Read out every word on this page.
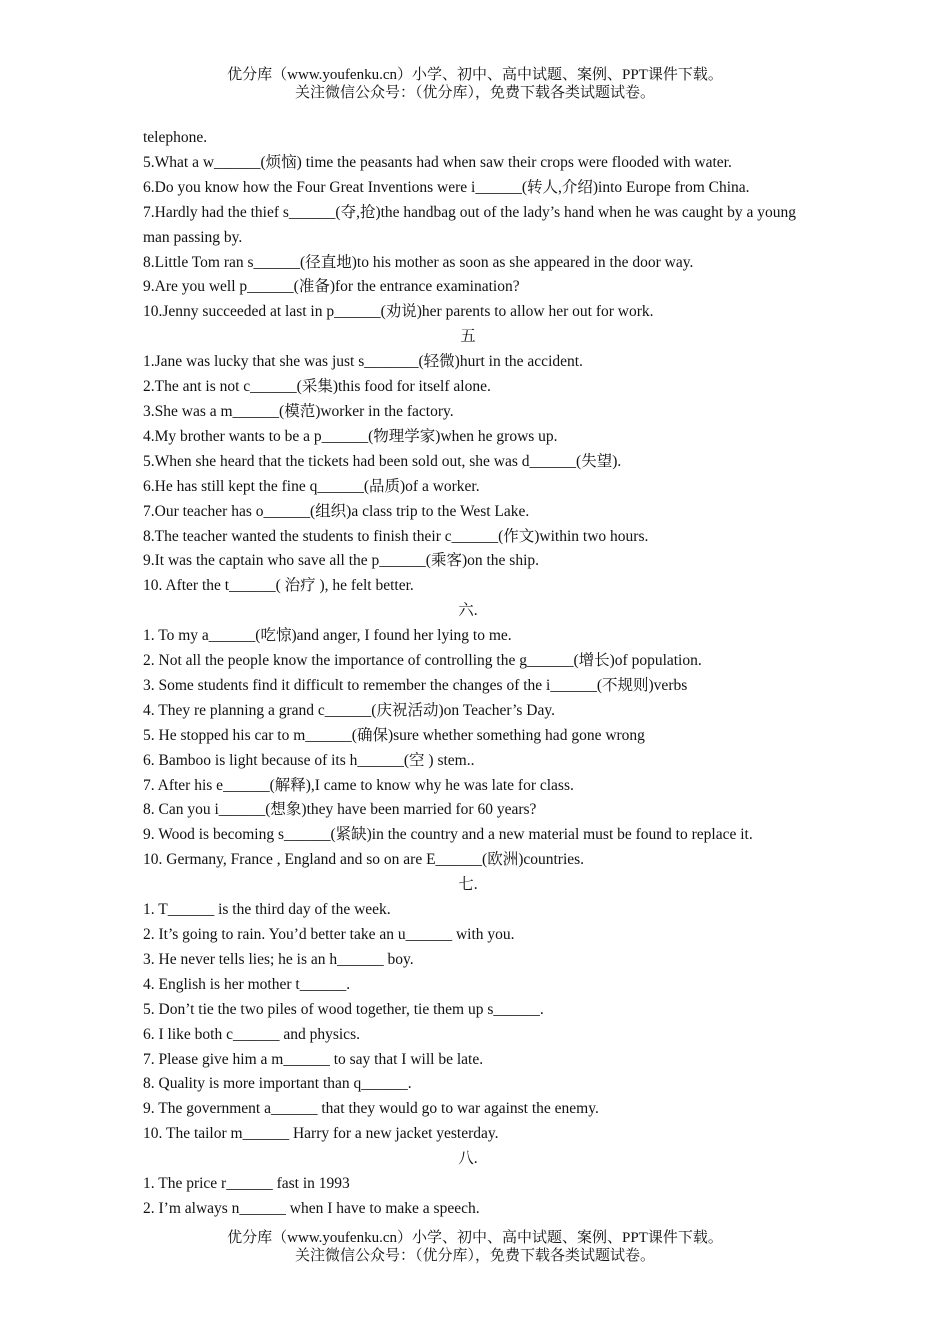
优分库（www.youfenku.cn）小学、初中、高中试题、案例、PPT课件下载。
关注微信公众号：（优分库），免费下载各类试题试卷。
telephone.
5.What a w______(烦恼) time the peasants had when saw their crops were flooded with water.
6.Do you know how the Four Great Inventions were i______(转人,介绍)into Europe from China.
7.Hardly had the thief s______(夺,抢)the handbag out of the lady’s hand when he was caught by a young man passing by.
8.Little Tom ran s______(径直地)to his mother as soon as she appeared in the door way.
9.Are you well p______(准备)for the entrance examination?
10.Jenny succeeded at last in p______(劝说)her parents to allow her out for work.
五
1.Jane was lucky that she was just s_______(轻微)hurt in the accident.
2.The ant is not c______(采集)this food for itself alone.
3.She was a m______(模范)worker in the factory.
4.My brother wants to be a p______(物理学家)when he grows up.
5.When she heard that the tickets had been sold out, she was d______(失望).
6.He has still kept the fine q______(品质)of a worker.
7.Our teacher has o______(组织)a class trip to the West Lake.
8.The teacher wanted the students to finish their c______(作文)within two hours.
9.It was the captain who save all the p______(乘客)on the ship.
10. After the t______( 治疗 ), he felt better.
六.
1. To my a______(吃惊)and anger, I found her lying to me.
2. Not all the people know the importance of controlling the g______(增长)of population.
3. Some students find it difficult to remember the changes of the i______(不规则)verbs
4. They re planning a grand c______(庆祝活动)on Teacher’s Day.
5. He stopped his car to m______(确保)sure whether something had gone wrong
6. Bamboo is light because of its h______(空 ) stem..
7. After his e______(解释),I came to know why he was late for class.
8. Can you i______(想象)they have been married for 60 years?
9. Wood is becoming s______(紧缺)in the country and a new material must be found to replace it.
10. Germany, France , England and so on are E______(欧洲)countries.
七.
1. T______ is the third day of the week.
2. It’s going to rain. You’d better take an u______ with you.
3. He never tells lies; he is an h______ boy.
4. English is her mother t______.
5. Don’t tie the two piles of wood together, tie them up s______.
6. I like both c______ and physics.
7. Please give him a m______ to say that I will be late.
8. Quality is more important than q______.
9. The government a______ that they would go to war against the enemy.
10. The tailor m______ Harry for a new jacket yesterday.
八.
1. The price r______ fast in 1993
2. I’m always n______ when I have to make a speech.
优分库（www.youfenku.cn）小学、初中、高中试题、案例、PPT课件下载。
关注微信公众号：（优分库），免费下载各类试题试卷。
